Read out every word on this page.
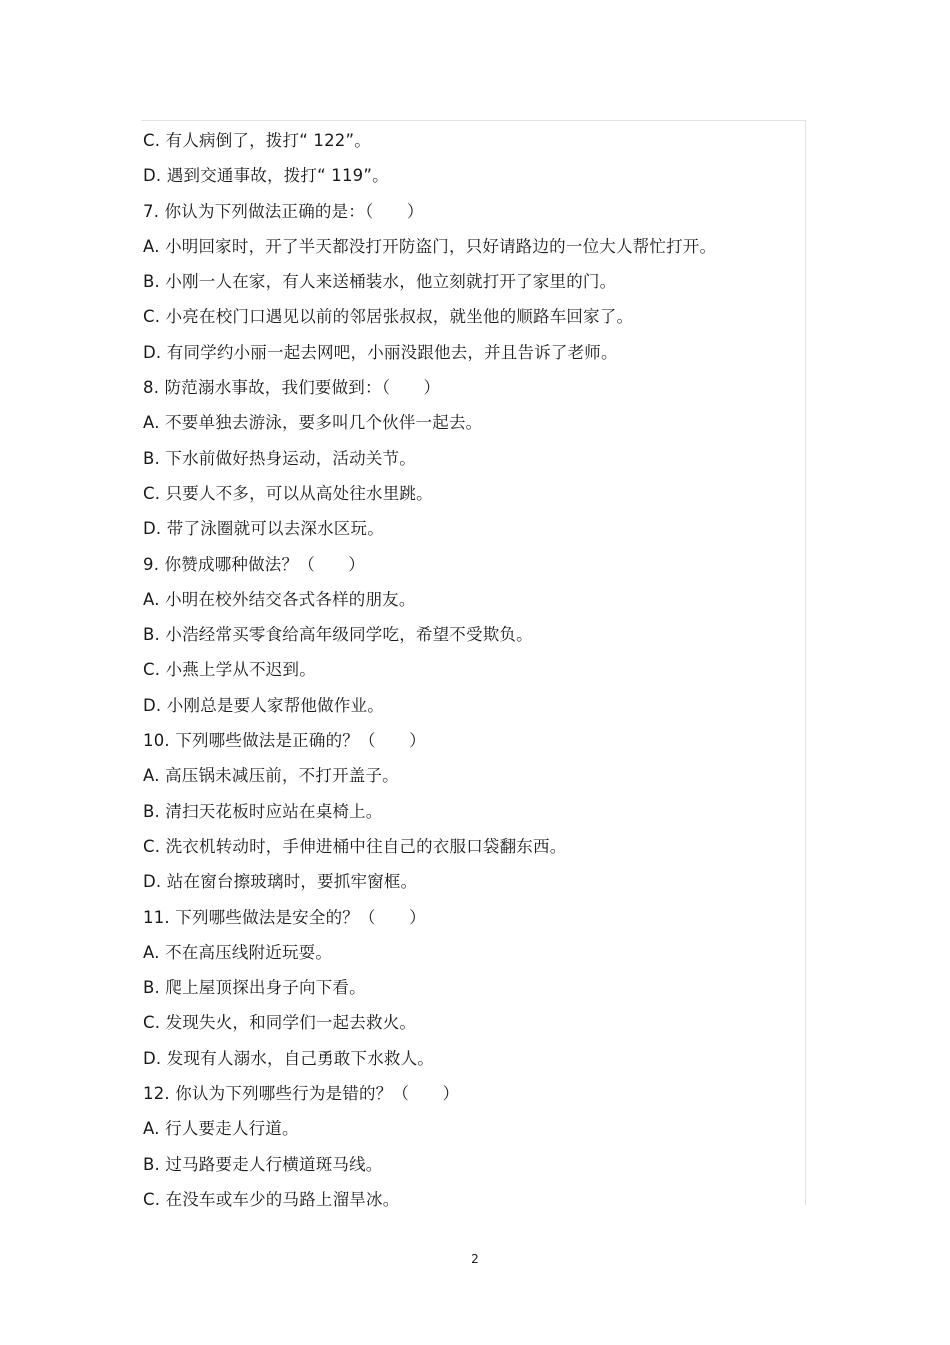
C. 有人病倒了，拨打“ 122”。
D. 遇到交通事故，拨打“ 119”。
7. 你认为下列做法正确的是：（　　）
A. 小明回家时，开了半天都没打开防盗门，只好请路边的一位大人帮忙打开。
B. 小刚一人在家，有人来送桶装水，他立刻就打开了家里的门。
C. 小亮在校门口遇见以前的邻居张叔叔，就坐他的顺路车回家了。
D. 有同学约小丽一起去网吧，小丽没跟他去，并且告诉了老师。
8. 防范溺水事故，我们要做到：（　　）
A. 不要单独去游泳，要多叫几个伙伴一起去。
B. 下水前做好热身运动，活动关节。
C. 只要人不多，可以从高处往水里跳。
D. 带了泳圈就可以去深水区玩。
9. 你赞成哪种做法？（　　）
A. 小明在校外结交各式各样的朋友。
B. 小浩经常买零食给高年级同学吃，希望不受欺负。
C. 小燕上学从不迟到。
D. 小刚总是要人家帮他做作业。
10. 下列哪些做法是正确的？（　　）
A. 高压锅未减压前，不打开盖子。
B. 清扫天花板时应站在桌椅上。
C. 洗衣机转动时，手伸进桶中往自己的衣服口袋翻东西。
D. 站在窗台擦玻璃时，要抓牢窗框。
11. 下列哪些做法是安全的？（　　）
A. 不在高压线附近玩耍。
B. 爬上屋顶探出身子向下看。
C. 发现失火，和同学们一起去救火。
D. 发现有人溺水，自己勇敢下水救人。
12. 你认为下列哪些行为是错的？（　　）
A. 行人要走人行道。
B. 过马路要走人行横道斑马线。
C. 在没车或车少的马路上溜旱冰。
2
